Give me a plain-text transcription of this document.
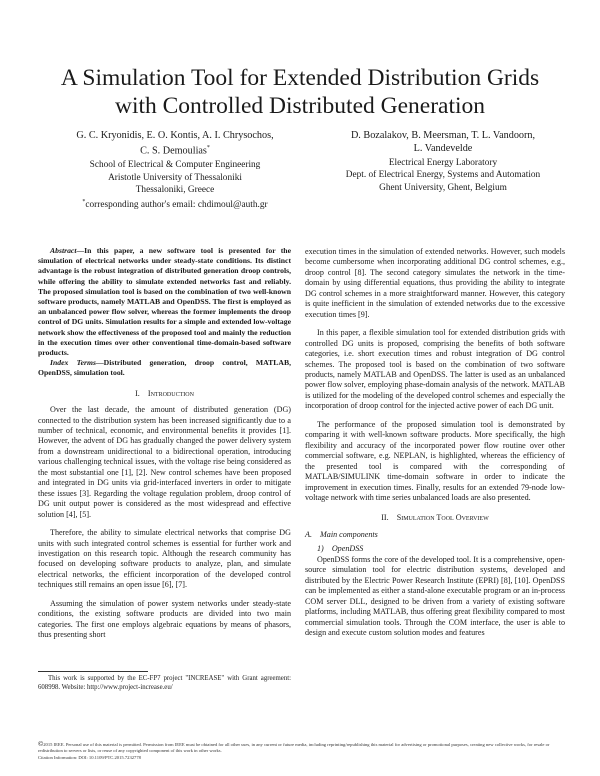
A Simulation Tool for Extended Distribution Grids
with Controlled Distributed Generation
G. C. Kryonidis, E. O. Kontis, A. I. Chrysochos,
C. S. Demoulias*
School of Electrical & Computer Engineering
Aristotle University of Thessaloniki
Thessaloniki, Greece
*corresponding author's email: chdimoul@auth.gr
D. Bozalakov, B. Meersman, T. L. Vandoorn,
L. Vandevelde
Electrical Energy Laboratory
Dept. of Electrical Energy, Systems and Automation
Ghent University, Ghent, Belgium

Abstract—In this paper, a new software tool is presented for the simulation of electrical networks under steady-state conditions. Its distinct advantage is the robust integration of distributed generation droop controls, while offering the ability to simulate extended networks fast and reliably. The proposed simulation tool is based on the combination of two well-known software products, namely MATLAB and OpenDSS. The first is employed as an unbalanced power flow solver, whereas the former implements the droop control of DG units. Simulation results for a simple and extended low-voltage network show the effectiveness of the proposed tool and mainly the reduction in the execution times over other conventional time-domain-based software products.

Index Terms—Distributed generation, droop control, MATLAB, OpenDSS, simulation tool.

I. Introduction

Over the last decade, the amount of distributed generation (DG) connected to the distribution system has been increased significantly due to a number of technical, economic, and environmental benefits it provides [1]. However, the advent of DG has gradually changed the power delivery system from a downstream unidirectional to a bidirectional operation, introducing various challenging technical issues, with the voltage rise being considered as the most substantial one [1], [2]. New control schemes have been proposed and integrated in DG units via grid-interfaced inverters in order to mitigate these issues [3]. Regarding the voltage regulation problem, droop control of DG unit output power is considered as the most widespread and effective solution [4], [5].

Therefore, the ability to simulate electrical networks that comprise DG units with such integrated control schemes is essential for further work and investigation on this research topic. Although the research community has focused on developing software products to analyze, plan, and simulate electrical networks, the efficient incorporation of the developed control techniques still remains an open issue [6], [7].

Assuming the simulation of power system networks under steady-state conditions, the existing software products are divided into two main categories. The first one employs algebraic equations by means of phasors, thus presenting short

This work is supported by the EC-FP7 project "INCREASE" with Grant agreement: 608998. Website: http://www.project-increase.eu/

execution times in the simulation of extended networks. However, such models become cumbersome when incorporating additional DG control schemes, e.g., droop control [8]. The second category simulates the network in the time-domain by using differential equations, thus providing the ability to integrate DG control schemes in a more straightforward manner. However, this category is quite inefficient in the simulation of extended networks due to the excessive execution times [9].

In this paper, a flexible simulation tool for extended distribution grids with controlled DG units is proposed, comprising the benefits of both software categories, i.e. short execution times and robust integration of DG control schemes. The proposed tool is based on the combination of two software products, namely MATLAB and OpenDSS. The latter is used as an unbalanced power flow solver, employing phase-domain analysis of the network. MATLAB is utilized for the modeling of the developed control schemes and especially the incorporation of droop control for the injected active power of each DG unit.

The performance of the proposed simulation tool is demonstrated by comparing it with well-known software products. More specifically, the high flexibility and accuracy of the incorporated power flow routine over other commercial software, e.g. NEPLAN, is highlighted, whereas the efficiency of the presented tool is compared with the corresponding of MATLAB/SIMULINK time-domain software in order to indicate the improvement in execution times. Finally, results for an extended 79-node low-voltage network with time series unbalanced loads are also presented.

II. Simulation Tool Overview
A. Main components
1) OpenDSS

OpenDSS forms the core of the developed tool. It is a comprehensive, open-source simulation tool for electric distribution systems, developed and distributed by the Electric Power Research Institute (EPRI) [8], [10]. OpenDSS can be implemented as either a stand-alone executable program or an in-process COM server DLL, designed to be driven from a variety of existing software platforms, including MATLAB, thus offering great flexibility compared to most commercial simulation tools. Through the COM interface, the user is able to design and execute custom solution modes and features

©2015 IEEE. Personal use of this material is permitted. Permission from IEEE must be obtained for all other uses, in any current or future media, including reprinting/republishing this material for advertising or promotional purposes, creating new collective works, for resale or redistribution to servers or lists, or reuse of any copyrighted component of this work in other works.
Citation Information: DOI: 10.1109/PTC.2015.7232778
